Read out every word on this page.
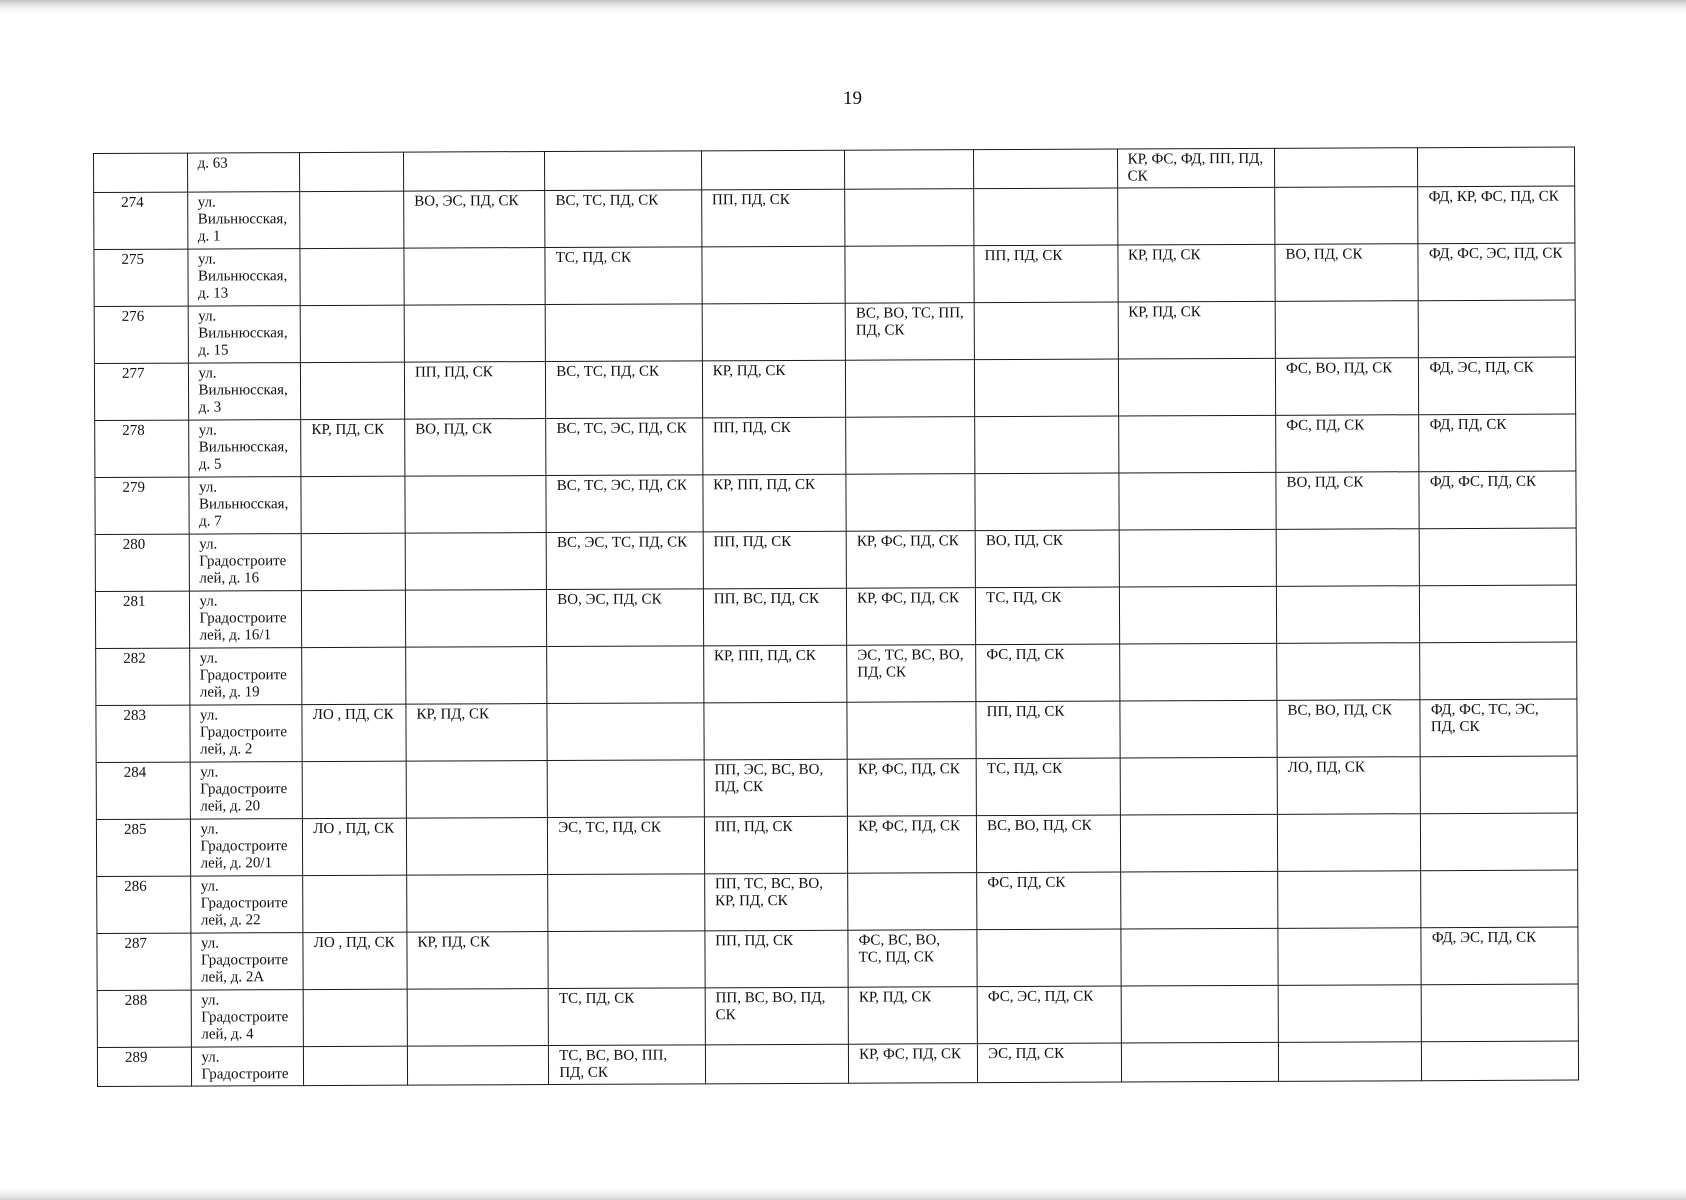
19
	д. 63							КР, ФС, ФД, ПП, ПД, СК		
274	ул. Вильнюсская, д. 1		ВО, ЭС, ПД, СК	ВС, ТС, ПД, СК	ПП, ПД, СК					ФД, КР, ФС, ПД, СК
275	ул. Вильнюсская, д. 13			ТС, ПД, СК			ПП, ПД, СК	КР, ПД, СК	ВО, ПД, СК	ФД, ФС, ЭС, ПД, СК
276	ул. Вильнюсская, д. 15					ВС, ВО, ТС, ПП, ПД, СК		КР, ПД, СК		
277	ул. Вильнюсская, д. 3		ПП, ПД, СК	ВС, ТС, ПД, СК	КР, ПД, СК				ФС, ВО, ПД, СК	ФД, ЭС, ПД, СК
278	ул. Вильнюсская, д. 5	КР, ПД, СК	ВО, ПД, СК	ВС, ТС, ЭС, ПД, СК	ПП, ПД, СК				ФС, ПД, СК	ФД, ПД, СК
279	ул. Вильнюсская, д. 7			ВС, ТС, ЭС, ПД, СК	КР, ПП, ПД, СК				ВО, ПД, СК	ФД, ФС, ПД, СК
280	ул. Градостроителей, д. 16			ВС, ЭС, ТС, ПД, СК	ПП, ПД, СК	КР, ФС, ПД, СК	ВО, ПД, СК			
281	ул. Градостроителей, д. 16/1			ВО, ЭС, ПД, СК	ПП, ВС, ПД, СК	КР, ФС, ПД, СК	ТС, ПД, СК			
282	ул. Градостроителей, д. 19				КР, ПП, ПД, СК	ЭС, ТС, ВС, ВО, ПД, СК	ФС, ПД, СК			
283	ул. Градостроителей, д. 2	ЛО , ПД, СК	КР, ПД, СК				ПП, ПД, СК		ВС, ВО, ПД, СК	ФД, ФС, ТС, ЭС, ПД, СК
284	ул. Градостроителей, д. 20				ПП, ЭС, ВС, ВО, ПД, СК	КР, ФС, ПД, СК	ТС, ПД, СК		ЛО, ПД, СК	
285	ул. Градостроителей, д. 20/1	ЛО , ПД, СК		ЭС, ТС, ПД, СК	ПП, ПД, СК	КР, ФС, ПД, СК	ВС, ВО, ПД, СК			
286	ул. Градостроителей, д. 22				ПП, ТС, ВС, ВО, КР, ПД, СК		ФС, ПД, СК			
287	ул. Градостроителей, д. 2А	ЛО , ПД, СК	КР, ПД, СК		ПП, ПД, СК	ФС, ВС, ВО, ТС, ПД, СК				ФД, ЭС, ПД, СК
288	ул. Градостроителей, д. 4			ТС, ПД, СК	ПП, ВС, ВО, ПД, СК	КР, ПД, СК	ФС, ЭС, ПД, СК			
289	ул. Градостроите			ТС, ВС, ВО, ПП, ПД, СК		КР, ФС, ПД, СК	ЭС, ПД, СК			
